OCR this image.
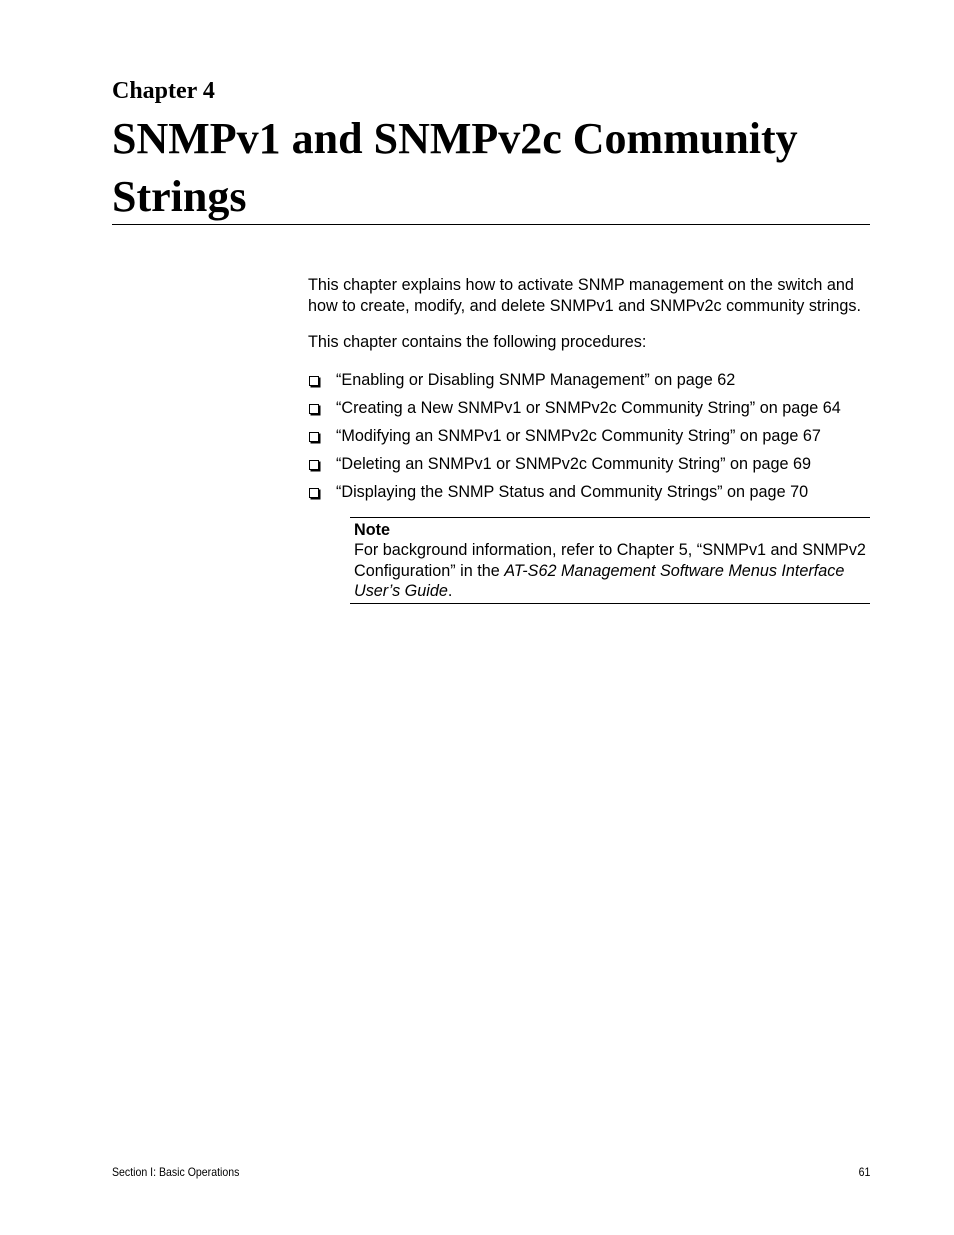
Chapter 4
SNMPv1 and SNMPv2c Community Strings

This chapter explains how to activate SNMP management on the switch and how to create, modify, and delete SNMPv1 and SNMPv2c community strings.

This chapter contains the following procedures:

“Enabling or Disabling SNMP Management” on page 62
“Creating a New SNMPv1 or SNMPv2c Community String” on page 64
“Modifying an SNMPv1 or SNMPv2c Community String” on page 67
“Deleting an SNMPv1 or SNMPv2c Community String” on page 69
“Displaying the SNMP Status and Community Strings” on page 70
Note
For background information, refer to Chapter 5, “SNMPv1 and SNMPv2 Configuration” in the AT-S62 Management Software Menus Interface User’s Guide.
Section I: Basic Operations	61
